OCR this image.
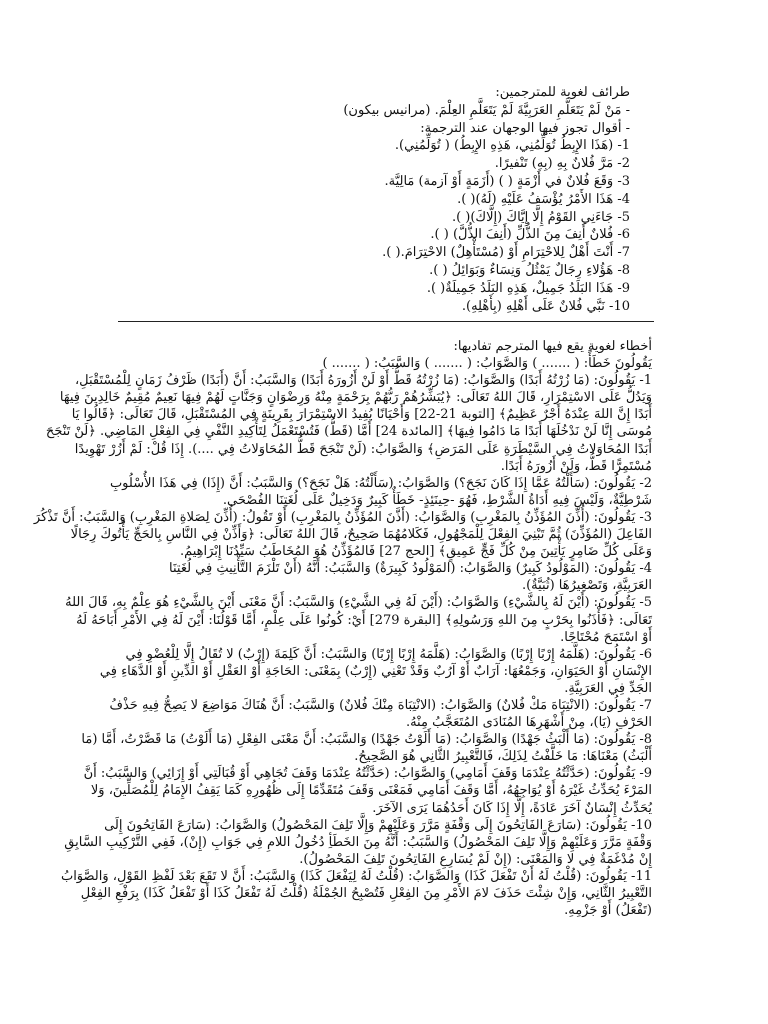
طرائف لغوية للمترجمين:
- مَنْ لَمْ يَتَعَلَّمِ العَرَبِيَّةَ لَمْ يَتَعَلَّمِ العِلْمَ. (مرانيس بيكون)
- أقوال تجوز فيها الوجهان عند الترجمة:
1- (هَذَا الإِبِطُ تُوَلِّمُنِي، هَذِهِ الإِبِطُ) ( تُوَلِّمُنِي).
2- مَرَّ فُلانٌ بِهِ (بِهِ) تَنْفيرًا.
3- وَقَعَ فُلانٌ في أَزْمَةٍ ( ) (أَزَمَةٍ أَوْ آزمة) مَالِيَّة.
4- هَذَا الأَمْرُ يُؤْسَفُ عَلَيْهِ (لَهُ)( ).
5- جَاءَنِي القَوْمُ إِلَّا إِيَّاكَ (إِلَّاكَ)( ).
6- فُلانٌ أَنِفَ مِنَ الذُّلِّ (أَنِفَ الذُّلَّ) ( ).
7- أَنْتَ أَهْلٌ لِلاحْتِرَامِ أَوْ (مُسْتَأْهِلٌ) الاحْتِرَامَ.( ).
8- هَؤُلاءِ رِجَالٌ يَمْثُلُ وَنِسَاءٌ وَبَوَائِلُ ( ).
9- هَذَا البَلَدُ جَمِيلٌ، هَذِهِ البَلَدُ جَمِيلَةٌ( ).
10- نَبَّي فُلانٌ عَلَى أَهْلِهِ (بِأَهْلِهِ).
أخطاء لغوية يقع فيها المترجم تفاديها:
يَقُولُونَ خَطَأً: ( ....... ) وَالصَّوَابُ: ( ....... ) وَالسَّبَبُ: ( ....... )
1- يَقُولُونَ: (مَا زُرْتُهُ أَبَدًا) وَالصَّوَابُ: (مَا زُرْتُهُ قَطُّ أَوْ لَنْ أَزُورَهُ أَبَدًا) وَالسَّبَبُ: أَنَّ (أَبَدًا) ظَرْفُ زَمَانٍ لِلْمُسْتَقْبَلِ،
وَيَدُلُّ عَلَى الاسْتِمْرَارِ، قَالَ اللهُ تَعَالَى: ﴿يُبَشِّرُهُمْ رَبُّهُمْ بِرَحْمَةٍ مِنْهُ وَرِضْوَانٍ وَجَنَّاتٍ لَهُمْ فِيهَا نَعِيمٌ مُقِيمٌ خَالِدِينَ فِيهَا
أَبَدًا إِنَّ اللهَ عِنْدَهُ أَجْرٌ عَظِيمٌ﴾ [التوبة 21-22] وَأَحْيَانًا يُفِيدُ الاسْتِمْرَارَ بِقَرِينَةٍ فِي المُسْتَقْبَلِ، قَالَ تَعَالَى: ﴿قَالُوا يَا
مُوسَى إِنَّا لَنْ نَدْخُلَهَا أَبَدًا مَا دَامُوا فِيهَا﴾ [المائدة 24] أَمَّا (قَطُّ) فَتُسْتَعْمَلُ لِتَأْكِيدِ النَّفْيِ فِي الفِعْلِ المَاضِي. ﴿لَنْ تَنْجَحَ
أَبَدًا المُحَاوَلاتُ فِي السَّيْطَرَةِ عَلَى المَرَضِ﴾ وَالصَّوَابُ: (لَنْ تَنْجَحَ قَطُّ المُحَاوَلاتُ فِي ....). إِذَا قُلْ: لَمْ أَزُرْ تَهْوِيدًا
مُسْتَمِرًّا قَطُّ، وَلَنْ أَزُورَهُ أَبَدًا.
2- يَقُولُونَ: (سَأَلْتُهُ عَمَّا إِذَا كَانَ نَجَحَ؟) وَالصَّوَابُ: (سَأَلْتُهُ: هَلْ نَجَحَ؟) وَالسَّبَبُ: أَنَّ (إِذَا) فِي هَذَا الأُسْلُوبِ
شَرْطِيَّةٌ، وَلَيْسَ فِيهِ أَدَاةُ الشَّرْطِ، فَهُوَ -حِينَئِذٍ- خَطَأٌ كَبِيرٌ وَدَخِيلٌ عَلَى لُغَتِنَا الفُصْحَى.
3- يَقُولُونَ: (أُذِّنَ المُؤَذِّنُ بِالمَغْرِبِ) وَالصَّوَابُ: (أَذَّنَ المُؤَذِّنُ بِالمَغْرِبِ) أَوْ تَقُولُ: (أُذِّنَ لِصَلاةِ المَغْرِبِ) وَالسَّبَبُ: أَنَّ تَذْكُرَ
الفَاعِلَ (المُؤَذِّنَ) ثُمَّ تَبْنِيَ الفِعْلَ لِلْمَجْهُولِ، فَكَلامُهُمَا صَحِيحٌ، قَالَ اللهُ تَعَالَى: ﴿وَأَذِّنْ فِي النَّاسِ بِالحَجِّ يَأْتُوكَ رِجَالًا
وَعَلَى كُلِّ ضَامِرٍ يَأْتِينَ مِنْ كُلِّ فَجٍّ عَمِيقٍ﴾ [الحج 27] فَالمُؤَذِّنُ هُوَ المُخَاطَبُ سَيِّدُنَا إِبْرَاهِيمُ.
4- يَقُولُونَ: (المَوْلُودُ كَبِيرٌ) وَالصَّوَابُ: (المَوْلُودُ كَبِيرَةٌ) وَالسَّبَبُ: أَنَّهُ (أَنْ تَلْزَمَ التَّأْنِيثِ فِي لُغَتِنَا
العَرَبِيَّةِ، وَتَصْغِيرُهَا (ثُبَيَّةٌ).
5- يَقُولُونَ: (أَيْنَ لَهُ بِالشَّيْءِ) وَالصَّوَابُ: (أَيْنَ لَهُ فِي الشَّيْءِ) وَالسَّبَبُ: أَنَّ مَعْنَى أَيْنَ بِالشَّيْءِ هُوَ عِلْمٌ بِهِ، قَالَ اللهُ
تَعَالَى: ﴿فَأْذَنُوا بِحَرْبٍ مِنَ اللهِ وَرَسُولِهِ﴾ [البقرة 279] أَيْ: كُونُوا عَلَى عِلْمٍ، أَمَّا قَوْلُنَا: أَيْنَ لَهُ فِي الأَمْرِ أَبَاحَهُ لَهُ
أَوْ اسْتَمَحَ مُحْتَاجًا.
6- يَقُولُونَ: (هَلَّمَهُ إِرْبًا إِرْبًا) وَالصَّوَابُ: (هَلَّمَهُ إِرْبًا إِرْبًا) وَالسَّبَبُ: أَنَّ كَلِمَةَ (إِرْبٌ) لا تُقَالُ إِلَّا لِلْعُضْوِ فِي
الإِنْسَانِ أَوْ الحَيَوَانِ، وَجَمْعُهَا: آرَابٌ أَوْ آرُبٌ وَقَدْ تَعْنِي (إِرْبٌ) بِمَعْنَى: الحَاجَةِ أَوْ العَقْلِ أَوْ الدِّينِ أَوْ الدَّهَاءِ فِي
الجَدِّ فِي العَرَبِيَّةِ.
7- يَقُولُونَ: (الانْتِبَاهَ مَكْ فُلانٌ) وَالصَّوَابُ: (الانْتِبَاهَ مِنْكَ فُلانٌ) وَالسَّبَبُ: أَنَّ هُنَاكَ مَوَاضِعَ لا يَصِحُّ فِيهِ حَذْفُ
الحَرْفِ (يَا)، مِنْ أَشْهَرِهَا المُنَادَى المُتَعَجَّبُ مِنْهُ.
8- يَقُولُونَ: (مَا أَلْبَثُ جَهْدًا) وَالصَّوَابُ: (مَا أَلَوْتُ جَهْدًا) وَالسَّبَبُ: أَنَّ مَعْنَى الفِعْلِ (مَا أَلَوْتُ) مَا قَصَّرْتُ، أَمَّا (مَا
أَلْبَثُ) مَعْنَاهَا: مَا خَلَّفْتُ لِذَلِكَ، فَالتَّعْبِيرُ الثَّانِي هُوَ الصَّحِيحُ.
9- يَقُولُونَ: (حَدَّثْتُهُ عِنْدَمَا وَقَفَ أَمَامِي) وَالصَّوَابُ: (حَدَّثْتُهُ عِنْدَمَا وَقَفَ تُجَاهِي أَوْ قُبَالَتِي أَوْ إِزَائِي) وَالسَّبَبُ: أَنَّ
المَرْءَ يُحَدِّثُ غَيْرَهُ أَوْ يُوَاجِهُهُ، أَمَّا وَقَفَ أَمَامِي فَمَعْنَى وَقَفَ مُتَقَدِّمًا إِلَى ظُهُورِهِ كَمَا يَقِفُ الإِمَامُ لِلْمُصَلِّينَ، وَلا
يُحَدِّثُ إِنْسَانٌ آخَرَ عَادَةً، إِلَّا إِذَا كَانَ أَحَدُهُمَا يَرَى الآخَرَ.
10- يَقُولُونَ: (سَارَعَ الفَاتِحُونَ إِلَى وَقْفَةٍ مَرَّرَ وَعَلَيْهِمْ وَإِلَّا تَلِفَ المَحْصُولُ) وَالصَّوَابُ: (سَارَعَ الفَاتِحُونَ إِلَى
وَقْفَةٍ مَرَّرَ وَعَلَيْهِمْ وَإِلَّا تَلِفَ المَحْصُولُ) وَالسَّبَبُ: أَنَّهُ مِنَ الخَطَأِ دُخُولُ اللامِ فِي جَوَابِ (إِنْ)، فَفِي التَّرْكِيبِ السَّابِقِ
إِنْ مُدْغَمَةٌ فِي لا وَالمَعْنَى: (إِنْ لَمْ يُسَارِعِ الفَاتِحُونَ تَلِفَ المَحْصُولُ).
11- يَقُولُونَ: (قُلْتُ لَهُ أَنْ تَفْعَلَ كَذَا) وَالصَّوَابُ: (قُلْتُ لَهُ لِيَفْعَلَ كَذَا) وَالسَّبَبُ: أَنَّ لا تَقَعَ بَعْدَ لَفْظِ القَوْلِ، وَالصَّوَابُ
التَّعْبِيرُ الثَّانِي، وَإِنْ شِئْتَ حَذَفَ لامَ الأَمْرِ مِنَ الفِعْلِ فَتُصْبِحُ الجُمْلَةُ (قُلْتُ لَهُ تَفْعَلُ كَذَا أَوْ تَفْعَلُ كَذَا) بِرَفْعِ الفِعْلِ
(تَفْعَلُ) أَوْ جَزْمِهِ.
